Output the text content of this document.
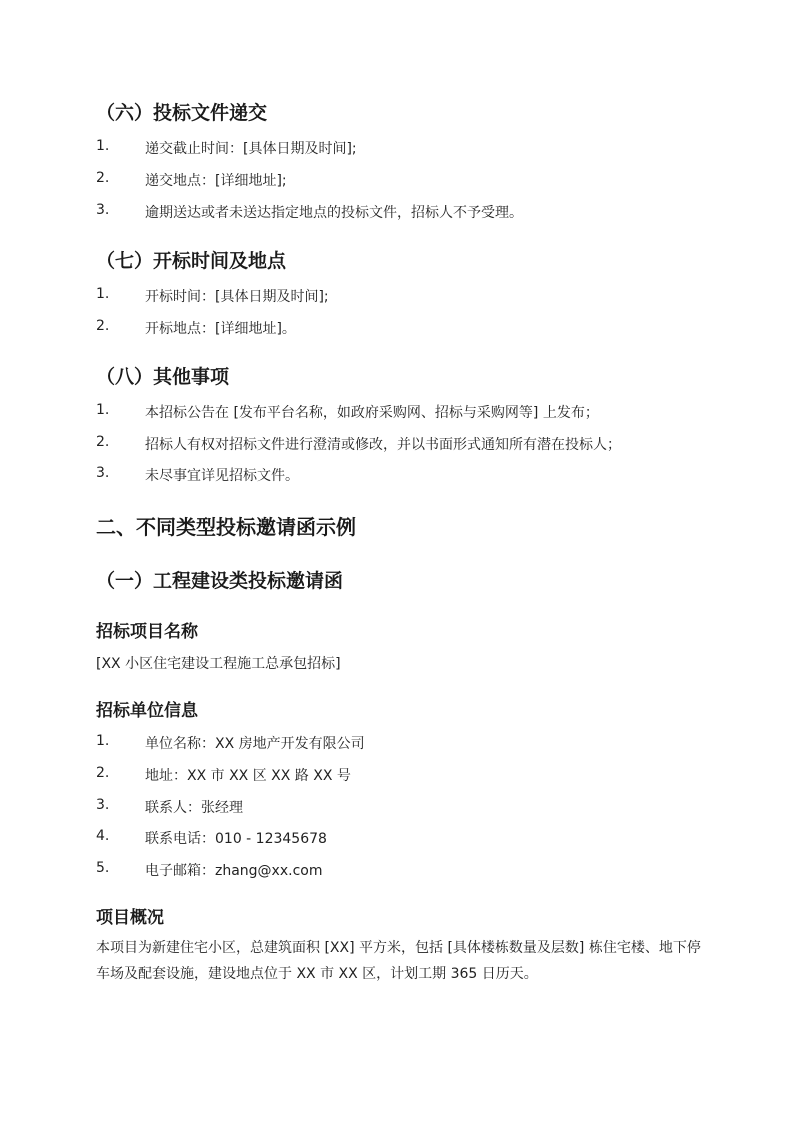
（六）投标文件递交
1.	递交截止时间：[具体日期及时间];
2.	递交地点：[详细地址];
3.	逾期送达或者未送达指定地点的投标文件，招标人不予受理。
（七）开标时间及地点
1.	开标时间：[具体日期及时间];
2.	开标地点：[详细地址]。
（八）其他事项
1.	本招标公告在 [发布平台名称，如政府采购网、招标与采购网等] 上发布；
2.	招标人有权对招标文件进行澄清或修改，并以书面形式通知所有潜在投标人；
3.	未尽事宜详见招标文件。
二、不同类型投标邀请函示例
（一）工程建设类投标邀请函
招标项目名称

[XX 小区住宅建设工程施工总承包招标]

招标单位信息
1.	单位名称：XX 房地产开发有限公司
2.	地址：XX 市 XX 区 XX 路 XX 号
3.	联系人：张经理
4.	联系电话：010 - 12345678
5.	电子邮箱：zhang@xx.com
项目概况

本项目为新建住宅小区，总建筑面积 [XX] 平方米，包括 [具体楼栋数量及层数] 栋住宅楼、地下停车场及配套设施，建设地点位于 XX 市 XX 区，计划工期 365 日历天。
